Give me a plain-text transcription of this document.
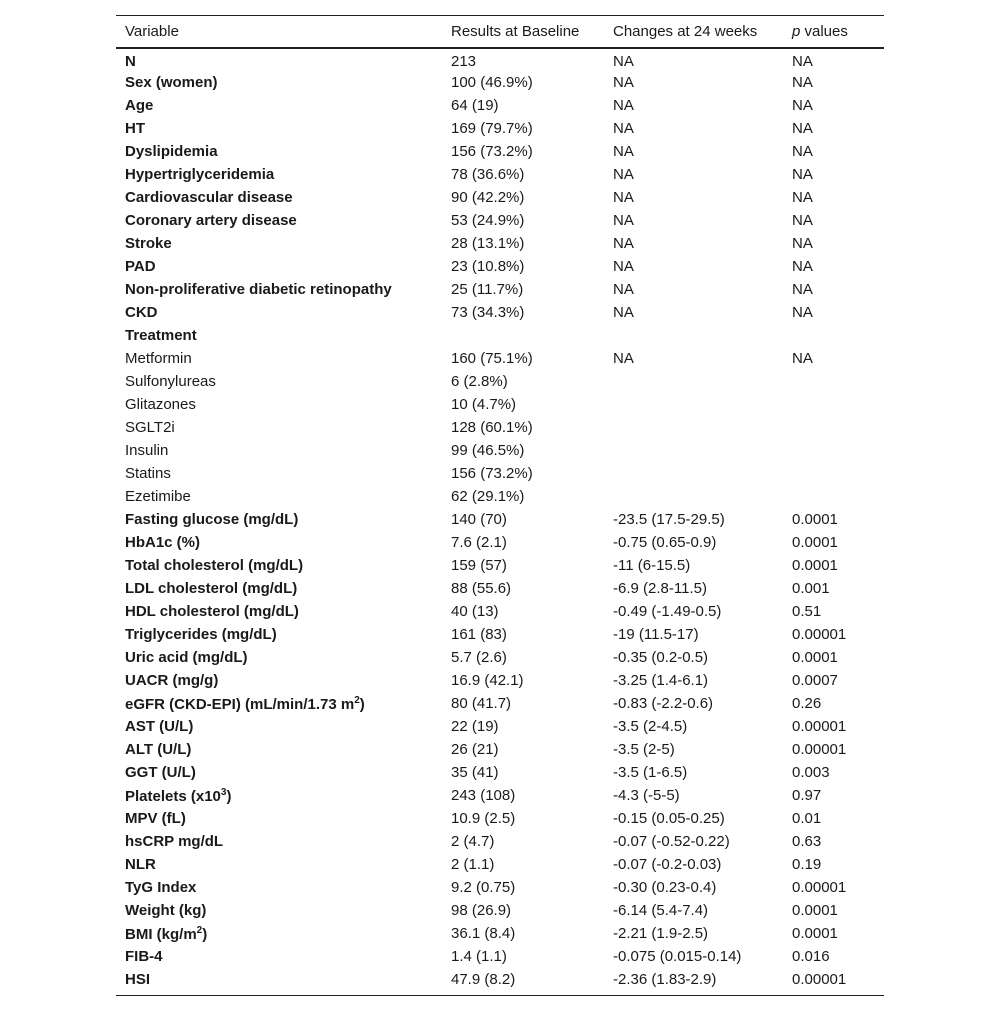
Variable	Results at Baseline	Changes at 24 weeks	p values
N	213	NA	NA
Sex (women)	100 (46.9%)	NA	NA
Age	64 (19)	NA	NA
HT	169 (79.7%)	NA	NA
Dyslipidemia	156 (73.2%)	NA	NA
Hypertriglyceridemia	78 (36.6%)	NA	NA
Cardiovascular disease	90 (42.2%)	NA	NA
Coronary artery disease	53 (24.9%)	NA	NA
Stroke	28 (13.1%)	NA	NA
PAD	23 (10.8%)	NA	NA
Non-proliferative diabetic retinopathy	25 (11.7%)	NA	NA
CKD	73 (34.3%)	NA	NA
Treatment			
Metformin	160 (75.1%)	NA	NA
Sulfonylureas	6 (2.8%)		
Glitazones	10 (4.7%)		
SGLT2i	128 (60.1%)		
Insulin	99 (46.5%)		
Statins	156 (73.2%)		
Ezetimibe	62 (29.1%)		
Fasting glucose (mg/dL)	140 (70)	-23.5 (17.5-29.5)	0.0001
HbA1c (%)	7.6 (2.1)	-0.75 (0.65-0.9)	0.0001
Total cholesterol (mg/dL)	159 (57)	-11 (6-15.5)	0.0001
LDL cholesterol (mg/dL)	88 (55.6)	-6.9 (2.8-11.5)	0.001
HDL cholesterol (mg/dL)	40 (13)	-0.49 (-1.49-0.5)	0.51
Triglycerides (mg/dL)	161 (83)	-19 (11.5-17)	0.00001
Uric acid (mg/dL)	5.7 (2.6)	-0.35 (0.2-0.5)	0.0001
UACR (mg/g)	16.9 (42.1)	-3.25 (1.4-6.1)	0.0007
eGFR (CKD-EPI) (mL/min/1.73 $m^2$)	80 (41.7)	-0.83 (-2.2-0.6)	0.26
AST (U/L)	22 (19)	-3.5 (2-4.5)	0.00001
ALT (U/L)	26 (21)	-3.5 (2-5)	0.00001
GGT (U/L)	35 (41)	-3.5 (1-6.5)	0.003
Platelets $(x10^3)$	243 (108)	-4.3 (-5-5)	0.97
MPV (fL)	10.9 (2.5)	-0.15 (0.05-0.25)	0.01
hsCRP mg/dL	2 (4.7)	-0.07 (-0.52-0.22)	0.63
NLR	2 (1.1)	-0.07 (-0.2-0.03)	0.19
TyG Index	9.2 (0.75)	-0.30 (0.23-0.4)	0.00001
Weight (kg)	98 (26.9)	-6.14 (5.4-7.4)	0.0001
BMI $(kg/m^2)$	36.1 (8.4)	-2.21 (1.9-2.5)	0.0001
FIB-4	1.4 (1.1)	-0.075 (0.015-0.14)	0.016
HSI	47.9 (8.2)	-2.36 (1.83-2.9)	0.00001
